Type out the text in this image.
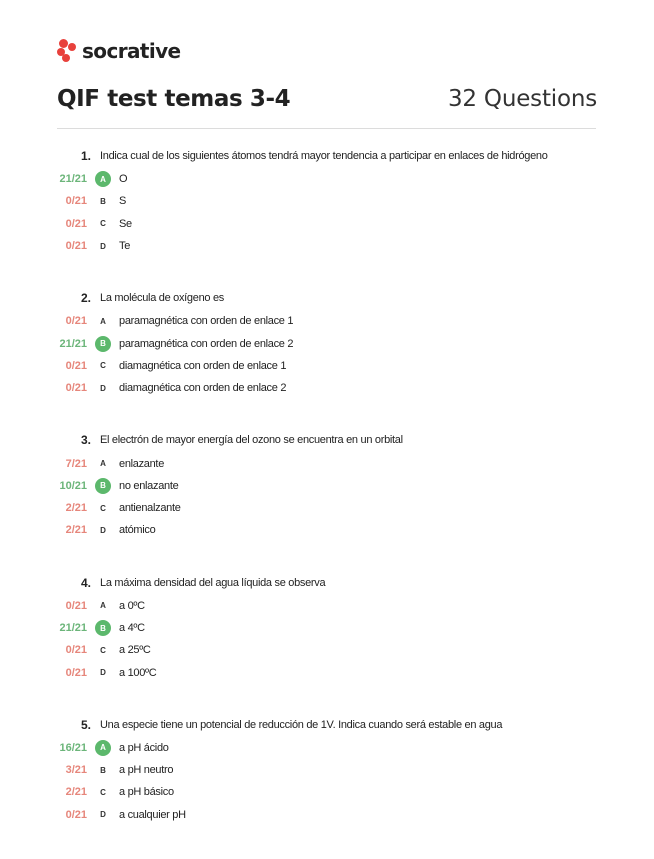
socrative
QIF test temas 3-4	32 Questions
1. Indica cual de los siguientes átomos tendrá mayor tendencia a participar en enlaces de hidrógeno
21/21	A	O
0/21	B	S
0/21	C	Se
0/21	D	Te
2. La molécula de oxígeno es
0/21	A	paramagnética con orden de enlace 1
21/21	B	paramagnética con orden de enlace 2
0/21	C	diamagnética con orden de enlace 1
0/21	D	diamagnética con orden de enlace 2
3. El electrón de mayor energía del ozono se encuentra en un orbital
7/21	A	enlazante
10/21	B	no enlazante
2/21	C	antienalzante
2/21	D	atómico
4. La máxima densidad del agua líquida se observa
0/21	A	a 0ºC
21/21	B	a 4ºC
0/21	C	a 25ºC
0/21	D	a 100ºC
5. Una especie tiene un potencial de reducción de 1V. Indica cuando será estable en agua
16/21	A	a pH ácido
3/21	B	a pH neutro
2/21	C	a pH básico
0/21	D	a cualquier pH
